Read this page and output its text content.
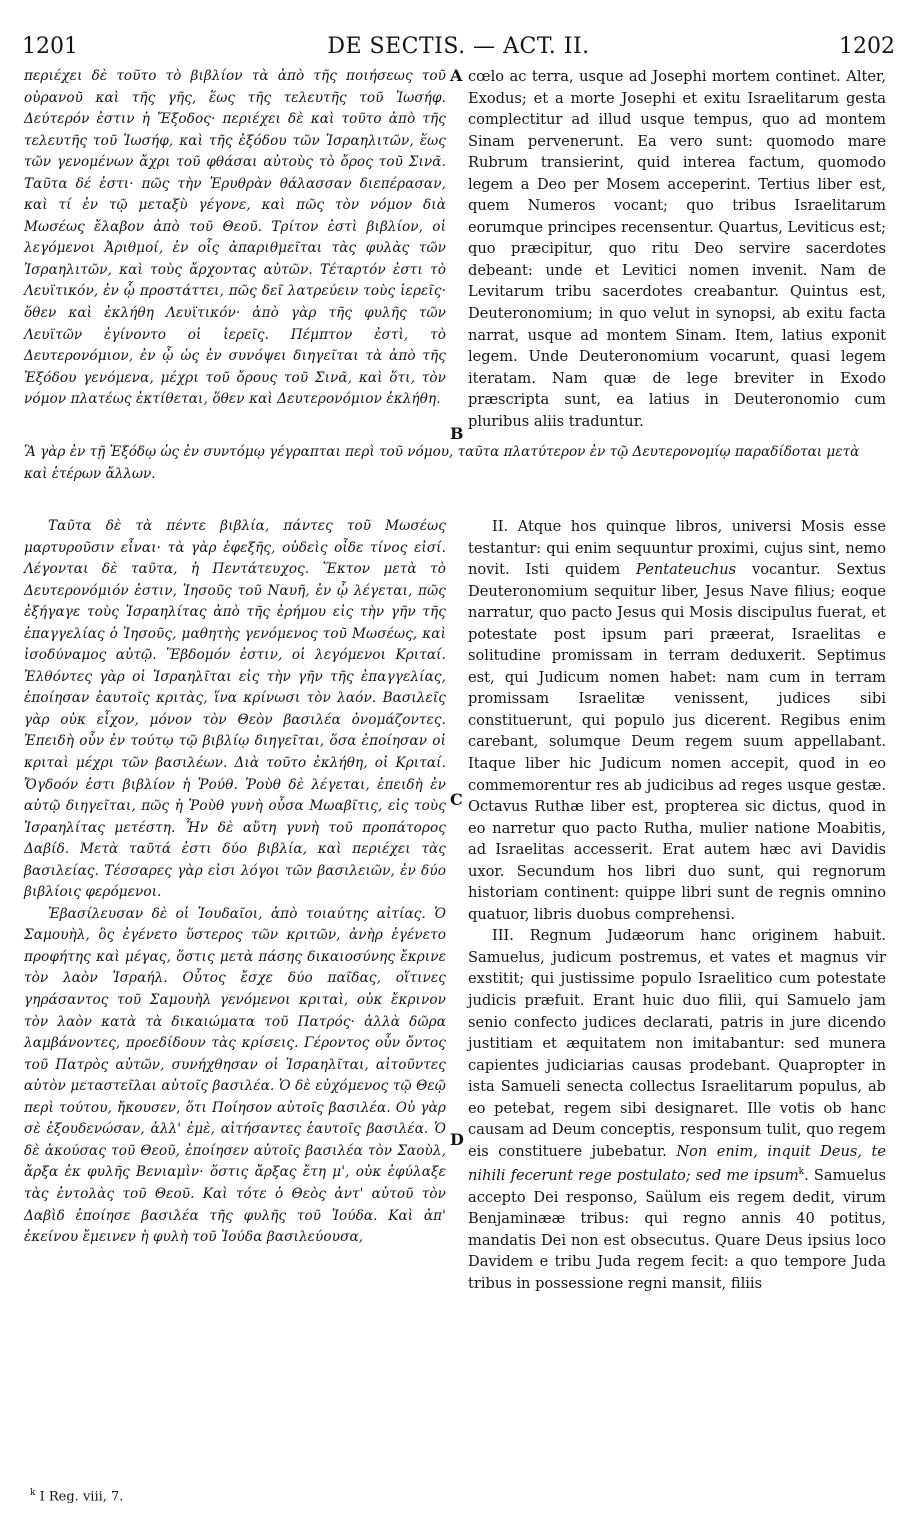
1201	DE SECTIS. — ACT. II.	1202

περιέχει δὲ τοῦτο τὸ βιβλίον τὰ ἀπὸ τῆς ποιήσεως τοῦ οὐρανοῦ καὶ τῆς γῆς, ἕως τῆς τελευτῆς τοῦ Ἰωσήφ. Δεύτερόν ἐστιν ἡ Ἔξοδος· περιέχει δὲ καὶ τοῦτο ἀπὸ τῆς τελευτῆς τοῦ Ἰωσήφ, καὶ τῆς ἐξόδου τῶν Ἰσραηλιτῶν, ἕως τῶν γενομένων ἄχρι τοῦ φθάσαι αὐτοὺς τὸ ὄρος τοῦ Σινᾶ. Ταῦτα δέ ἐστι· πῶς τὴν Ἐρυθρὰν θάλασσαν διεπέρασαν, καὶ τί ἐν τῷ μεταξὺ γέγονε, καὶ πῶς τὸν νόμον διὰ Μωσέως ἔλαβον ἀπὸ τοῦ Θεοῦ. Τρίτον ἐστὶ βιβλίον, οἱ λεγόμενοι Ἀριθμοί, ἐν οἷς ἀπαριθμεῖται τὰς φυλὰς τῶν Ἰσραηλιτῶν, καὶ τοὺς ἄρχοντας αὐτῶν. Τέταρτόν ἐστι τὸ Λευϊτικόν, ἐν ᾧ προστάττει, πῶς δεῖ λατρεύειν τοὺς ἱερεῖς· ὅθεν καὶ ἐκλήθη Λευϊτικόν· ἀπὸ γὰρ τῆς φυλῆς τῶν Λευϊτῶν ἐγίνοντο οἱ ἱερεῖς. Πέμπτον ἐστὶ, τὸ Δευτερονόμιον, ἐν ᾧ ὡς ἐν συνόψει διηγεῖται τὰ ἀπὸ τῆς Ἐξόδου γενόμενα, μέχρι τοῦ ὄρους τοῦ Σινᾶ, καὶ ὅτι, τὸν νόμον πλατέως ἐκτίθεται, ὅθεν καὶ Δευτερονόμιον ἐκλήθη.

cœlo ac terra, usque ad Josephi mortem continet. Alter, Exodus; et a morte Josephi et exitu Israelitarum gesta complectitur ad illud usque tempus, quo ad montem Sinam pervenerunt. Ea vero sunt: quomodo mare Rubrum transierint, quid interea factum, quomodo legem a Deo per Mosem acceperint. Tertius liber est, quem Numeros vocant; quo tribus Israelitarum eorumque principes recensentur. Quartus, Leviticus est; quo præcipitur, quo ritu Deo servire sacerdotes debeant: unde et Levitici nomen invenit. Nam de Levitarum tribu sacerdotes creabantur. Quintus est, Deuteronomium; in quo velut in synopsi, ab exitu facta narrat, usque ad montem Sinam. Item, latius exponit legem. Unde Deuteronomium vocarunt, quasi legem iteratam. Nam quæ de lege breviter in Exodo præscripta sunt, ea latius in Deuteronomio cum pluribus aliis traduntur.

Ἃ γὰρ ἐν τῇ Ἐξόδῳ ὡς ἐν συντόμῳ γέγραπται περὶ τοῦ νόμου, ταῦτα πλατύτερον ἐν τῷ Δευτερονομίῳ παραδίδοται μετὰ καὶ ἑτέρων ἄλλων.

Ταῦτα δὲ τὰ πέντε βιβλία, πάντες τοῦ Μωσέως μαρτυροῦσιν εἶναι· τὰ γὰρ ἐφεξῆς, οὐδεὶς οἶδε τίνος εἰσί. Λέγονται δὲ ταῦτα, ἡ Πεντάτευχος. Ἕκτον μετὰ τὸ Δευτερονόμιόν ἐστιν, Ἰησοῦς τοῦ Ναυῆ, ἐν ᾧ λέγεται, πῶς ἐξήγαγε τοὺς Ἰσραηλίτας ἀπὸ τῆς ἐρήμου εἰς τὴν γῆν τῆς ἐπαγγελίας ὁ Ἰησοῦς, μαθητὴς γενόμενος τοῦ Μωσέως, καὶ ἰσοδύναμος αὐτῷ. Ἕβδομόν ἐστιν, οἱ λεγόμενοι Κριταί. Ἐλθόντες γὰρ οἱ Ἰσραηλῖται εἰς τὴν γῆν τῆς ἐπαγγελίας, ἐποίησαν ἑαυτοῖς κριτὰς, ἵνα κρίνωσι τὸν λαόν. Βασιλεῖς γὰρ οὐκ εἶχον, μόνον τὸν Θεὸν βασιλέα ὀνομάζοντες. Ἐπειδὴ οὖν ἐν τούτῳ τῷ βιβλίῳ διηγεῖται, ὅσα ἐποίησαν οἱ κριταὶ μέχρι τῶν βασιλέων. Διὰ τοῦτο ἐκλήθη, οἱ Κριταί. Ὄγδοόν ἐστι βιβλίον ἡ Ῥούθ. Ῥοὺθ δὲ λέγεται, ἐπειδὴ ἐν αὐτῷ διηγεῖται, πῶς ἡ Ῥοὺθ γυνὴ οὖσα Μωαβῖτις, εἰς τοὺς Ἰσραηλίτας μετέστη. Ἦν δὲ αὕτη γυνὴ τοῦ προπάτορος Δαβίδ. Μετὰ ταῦτά ἐστι δύο βιβλία, καὶ περιέχει τὰς βασιλείας. Τέσσαρες γὰρ εἰσι λόγοι τῶν βασιλειῶν, ἐν δύο βιβλίοις φερόμενοι.

Ἐβασίλευσαν δὲ οἱ Ἰουδαῖοι, ἀπὸ τοιαύτης αἰτίας. Ὁ Σαμουὴλ, ὃς ἐγένετο ὕστερος τῶν κριτῶν, ἀνὴρ ἐγένετο προφήτης καὶ μέγας, ὅστις μετὰ πάσης δικαιοσύνης ἔκρινε τὸν λαὸν Ἰσραήλ. Οὗτος ἔσχε δύο παῖδας, οἵτινες γηράσαντος τοῦ Σαμουὴλ γενόμενοι κριταὶ, οὐκ ἔκρινον τὸν λαὸν κατὰ τὰ δικαιώματα τοῦ Πατρός· ἀλλὰ δῶρα λαμβάνοντες, προεδίδουν τὰς κρίσεις. Γέροντος οὖν ὄντος τοῦ Πατρὸς αὐτῶν, συνήχθησαν οἱ Ἰσραηλῖται, αἰτοῦντες αὐτὸν μεταστεῖλαι αὐτοῖς βασιλέα. Ὁ δὲ εὐχόμενος τῷ Θεῷ περὶ τούτου, ἤκουσεν, ὅτι Ποίησον αὐτοῖς βασιλέα. Οὐ γὰρ σὲ ἐξουδενώσαν, ἀλλ' ἐμὲ, αἰτήσαντες ἑαυτοῖς βασιλέα. Ὁ δὲ ἀκούσας τοῦ Θεοῦ, ἐποίησεν αὐτοῖς βασιλέα τὸν Σαοὺλ, ἄρξα ἐκ φυλῆς Βενιαμὶν· ὅστις ἄρξας ἔτη μ', οὐκ ἐφύλαξε τὰς ἐντολὰς τοῦ Θεοῦ. Καὶ τότε ὁ Θεὸς ἀντ' αὐτοῦ τὸν Δαβὶδ ἐποίησε βασιλέα τῆς φυλῆς τοῦ Ἰούδα. Καὶ ἀπ' ἐκείνου ἔμεινεν ἡ φυλὴ τοῦ Ἰούδα βασιλεύουσα,

II. Atque hos quinque libros, universi Mosis esse testantur: qui enim sequuntur proximi, cujus sint, nemo novit. Isti quidem Pentateuchus vocantur. Sextus Deuteronomium sequitur liber, Jesus Nave filius; eoque narratur, quo pacto Jesus qui Mosis discipulus fuerat, et potestate post ipsum pari præerat, Israelitas e solitudine promissam in terram deduxerit. Septimus est, qui Judicum nomen habet: nam cum in terram promissam Israelitæ venissent, judices sibi constituerunt, qui populo jus dicerent. Regibus enim carebant, solumque Deum regem suum appellabant. Itaque liber hic Judicum nomen accepit, quod in eo commemorentur res ab judicibus ad reges usque gestæ. Octavus Ruthæ liber est, propterea sic dictus, quod in eo narretur quo pacto Rutha, mulier natione Moabitis, ad Israelitas accesserit. Erat autem hæc avi Davidis uxor. Secundum hos libri duo sunt, qui regnorum historiam continent: quippe libri sunt de regnis omnino quatuor, libris duobus comprehensi.

III. Regnum Judæorum hanc originem habuit. Samuelus, judicum postremus, et vates et magnus vir exstitit; qui justissime populo Israelitico cum potestate judicis præfuit. Erant huic duo filii, qui Samuelo jam senio confecto judices declarati, patris in jure dicendo justitiam et æquitatem non imitabantur: sed munera capientes judiciarias causas prodebant. Quapropter in ista Samueli senecta collectus Israelitarum populus, ab eo petebat, regem sibi designaret. Ille votis ob hanc causam ad Deum conceptis, responsum tulit, quo regem eis constituere jubebatur. Non enim, inquit Deus, te nihili fecerunt rege postulato; sed me ipsum$^k$. Samuelus accepto Dei responso, Saülum eis regem dedit, virum Benjaminææ tribus: qui regno annis 40 potitus, mandatis Dei non est obsecutus. Quare Deus ipsius loco Davidem e tribu Juda regem fecit: a quo tempore Juda tribus in possessione regni mansit, filiis

A
B
C
D
$^k$ I Reg. viii, 7.
